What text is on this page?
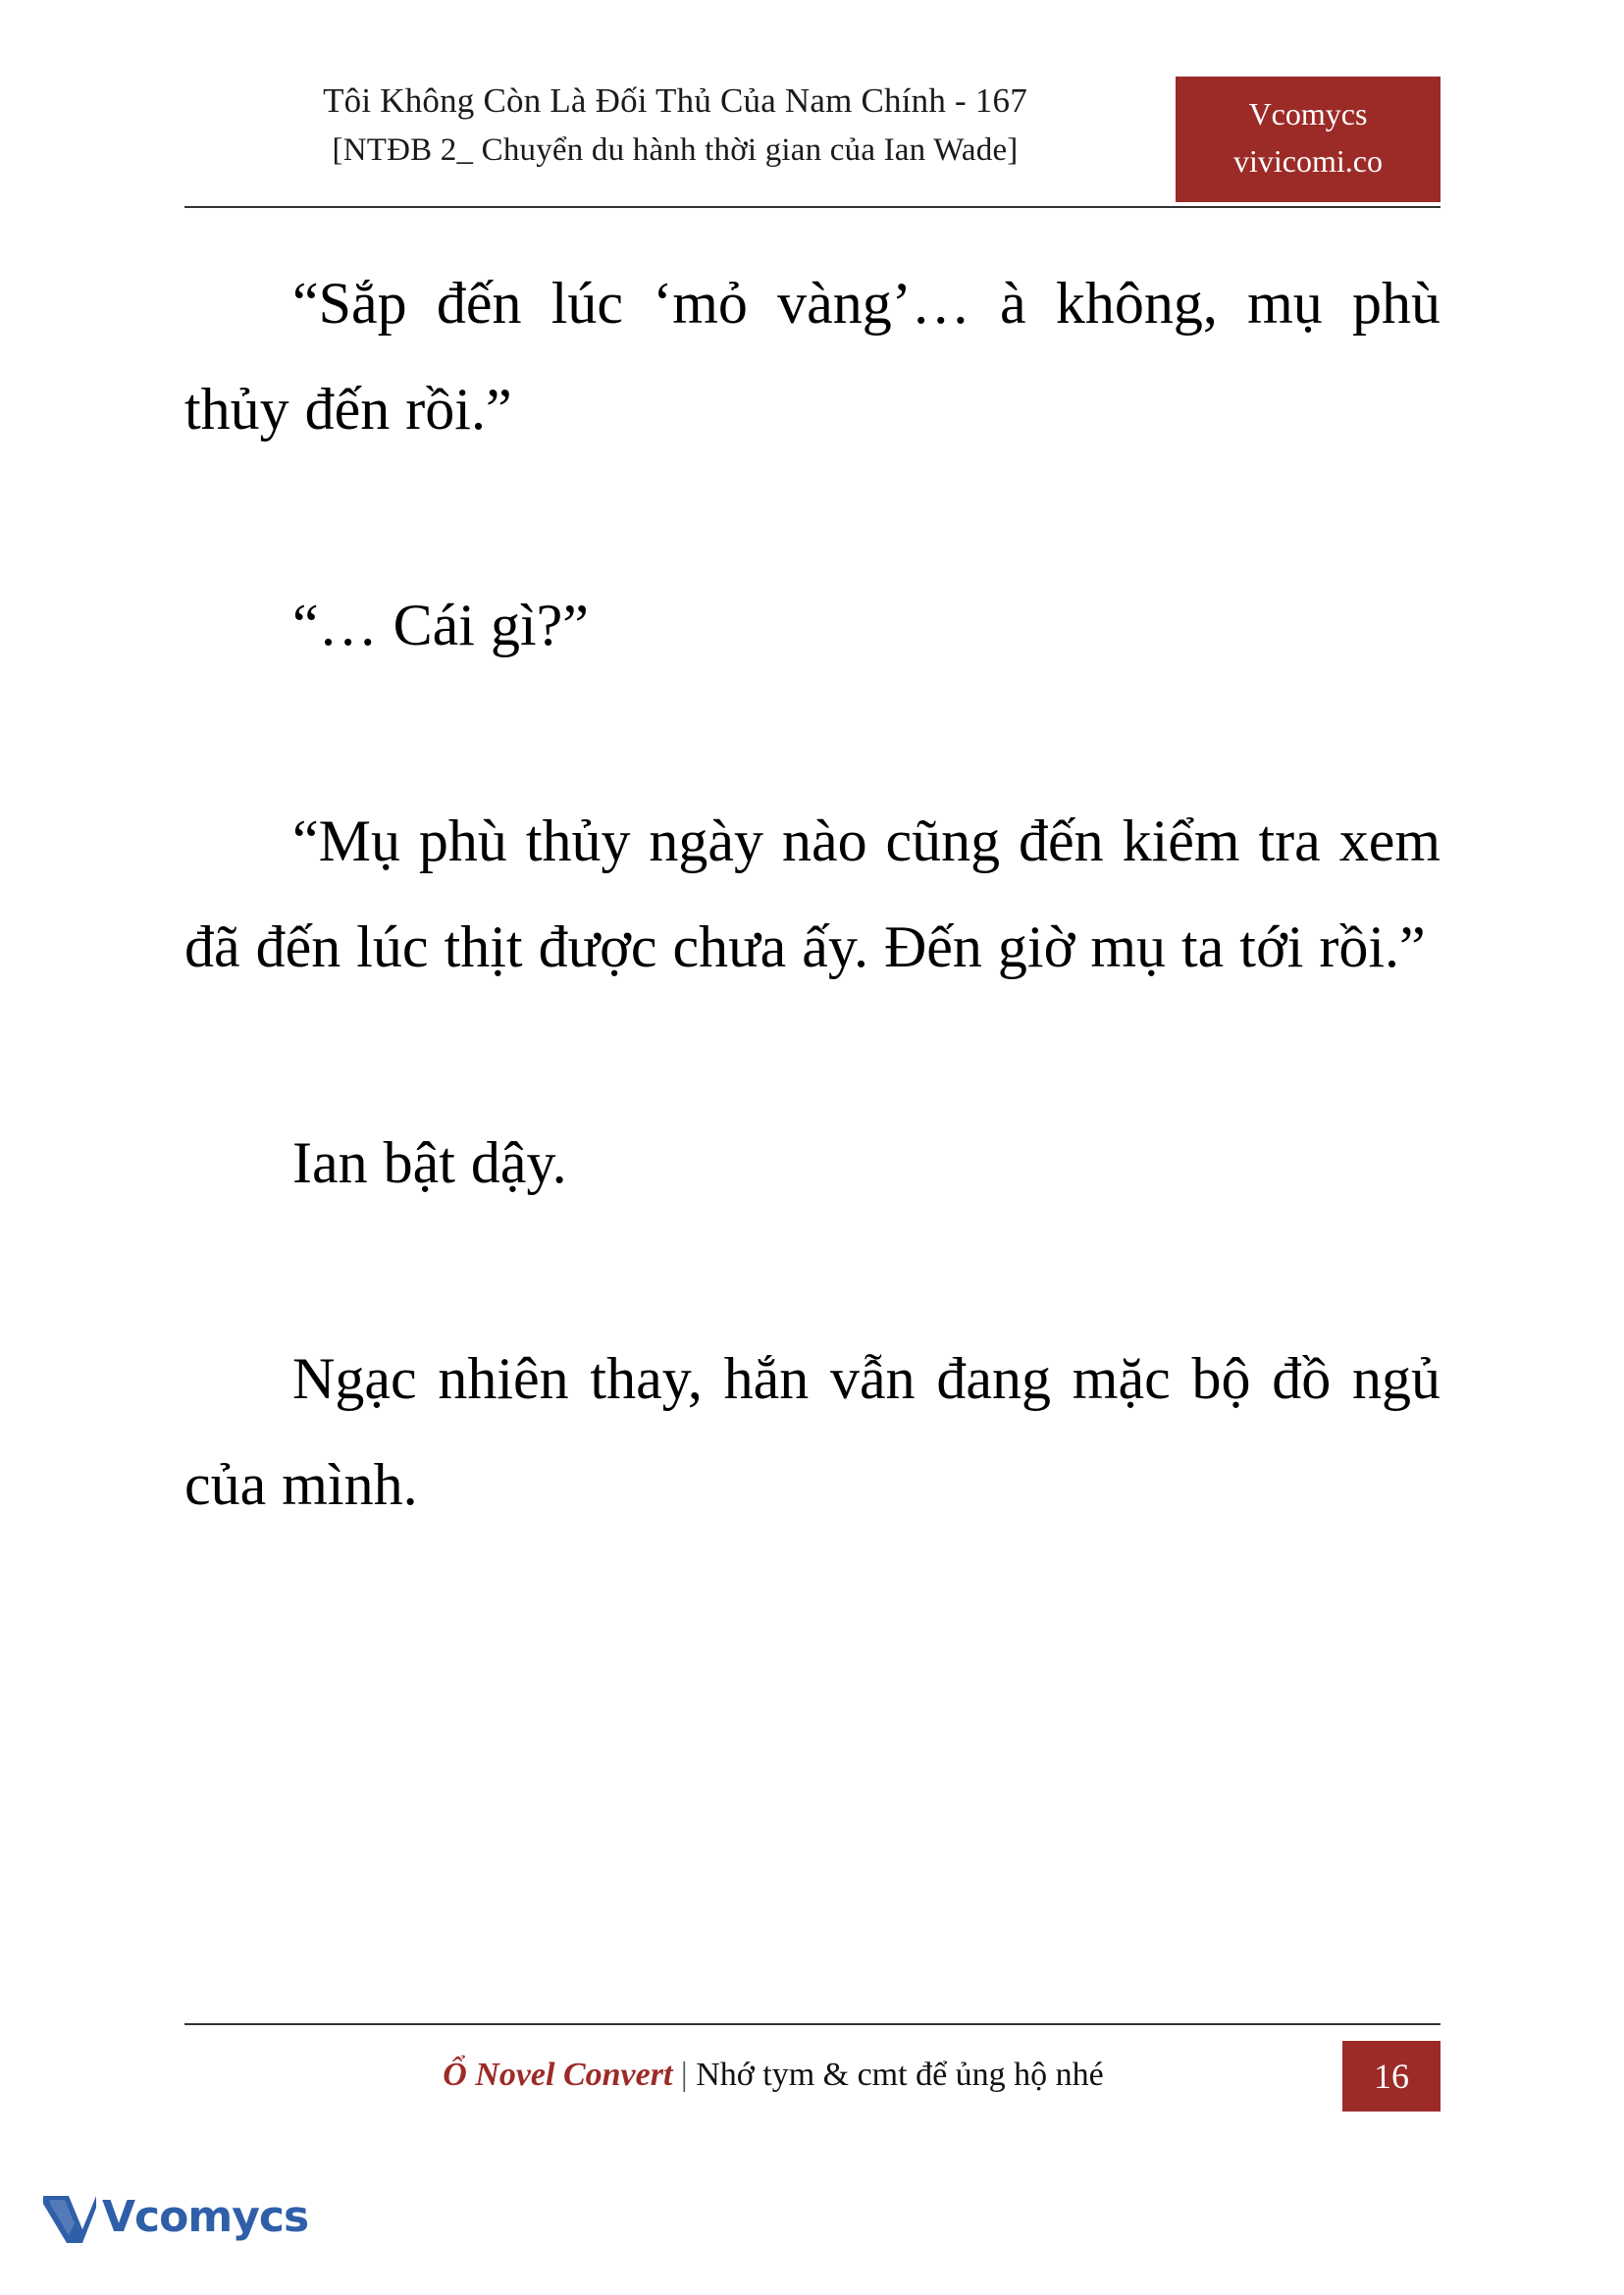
Tôi Không Còn Là Đối Thủ Của Nam Chính - 167
[NTĐB 2_ Chuyển du hành thời gian của Ian Wade]
Vcomycs
vivicomi.co

“Sắp đến lúc ‘mỏ vàng’… à không, mụ phù thủy đến rồi.”

“… Cái gì?”

“Mụ phù thủy ngày nào cũng đến kiểm tra xem đã đến lúc thịt được chưa ấy. Đến giờ mụ ta tới rồi.”

Ian bật dậy.

Ngạc nhiên thay, hắn vẫn đang mặc bộ đồ ngủ của mình.

Ổ Novel Convert | Nhớ tym & cmt để ủng hộ nhé	16
Vcomycs
